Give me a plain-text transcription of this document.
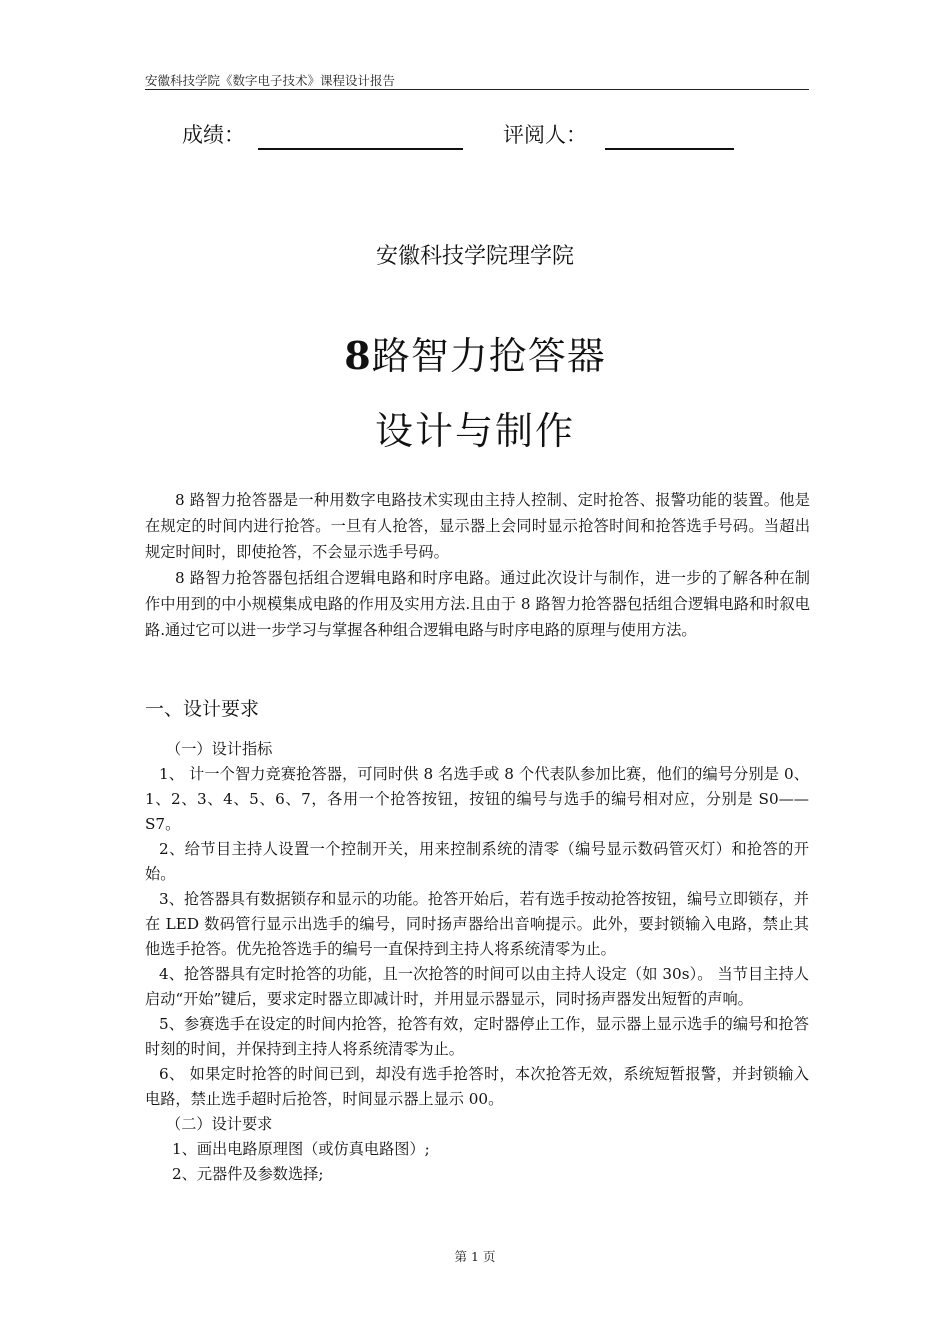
安徽科技学院《数字电子技术》课程设计报告
成绩：	评阅人：
安徽科技学院理学院
8路智力抢答器
设计与制作

8 路智力抢答器是一种用数字电路技术实现由主持人控制、定时抢答、报警功能的装置。他是在规定的时间内进行抢答。一旦有人抢答，显示器上会同时显示抢答时间和抢答选手号码。当超出规定时间时，即使抢答，不会显示选手号码。

8 路智力抢答器包括组合逻辑电路和时序电路。通过此次设计与制作，进一步的了解各种在制作中用到的中小规模集成电路的作用及实用方法.且由于 8 路智力抢答器包括组合逻辑电路和时叙电路.通过它可以进一步学习与掌握各种组合逻辑电路与时序电路的原理与使用方法。

一、设计要求

（一）设计指标

1、 计一个智力竞赛抢答器，可同时供 8 名选手或 8 个代表队参加比赛，他们的编号分别是 0、1、2、3、4、5、6、7，各用一个抢答按钮，按钮的编号与选手的编号相对应，分别是 S0——S7。

2、给节目主持人设置一个控制开关，用来控制系统的清零（编号显示数码管灭灯）和抢答的开始。

3、抢答器具有数据锁存和显示的功能。抢答开始后，若有选手按动抢答按钮，编号立即锁存，并在 LED 数码管行显示出选手的编号，同时扬声器给出音响提示。此外，要封锁输入电路，禁止其他选手抢答。优先抢答选手的编号一直保持到主持人将系统清零为止。

4、抢答器具有定时抢答的功能，且一次抢答的时间可以由主持人设定（如 30s）。 当节目主持人启动“开始”键后，要求定时器立即减计时，并用显示器显示，同时扬声器发出短暂的声响。

5、参赛选手在设定的时间内抢答，抢答有效，定时器停止工作，显示器上显示选手的编号和抢答时刻的时间，并保持到主持人将系统清零为止。

6、 如果定时抢答的时间已到，却没有选手抢答时，本次抢答无效，系统短暂报警，并封锁输入电路，禁止选手超时后抢答，时间显示器上显示 00。

（二）设计要求

1、画出电路原理图（或仿真电路图）;

2、元器件及参数选择;

第 1 页
